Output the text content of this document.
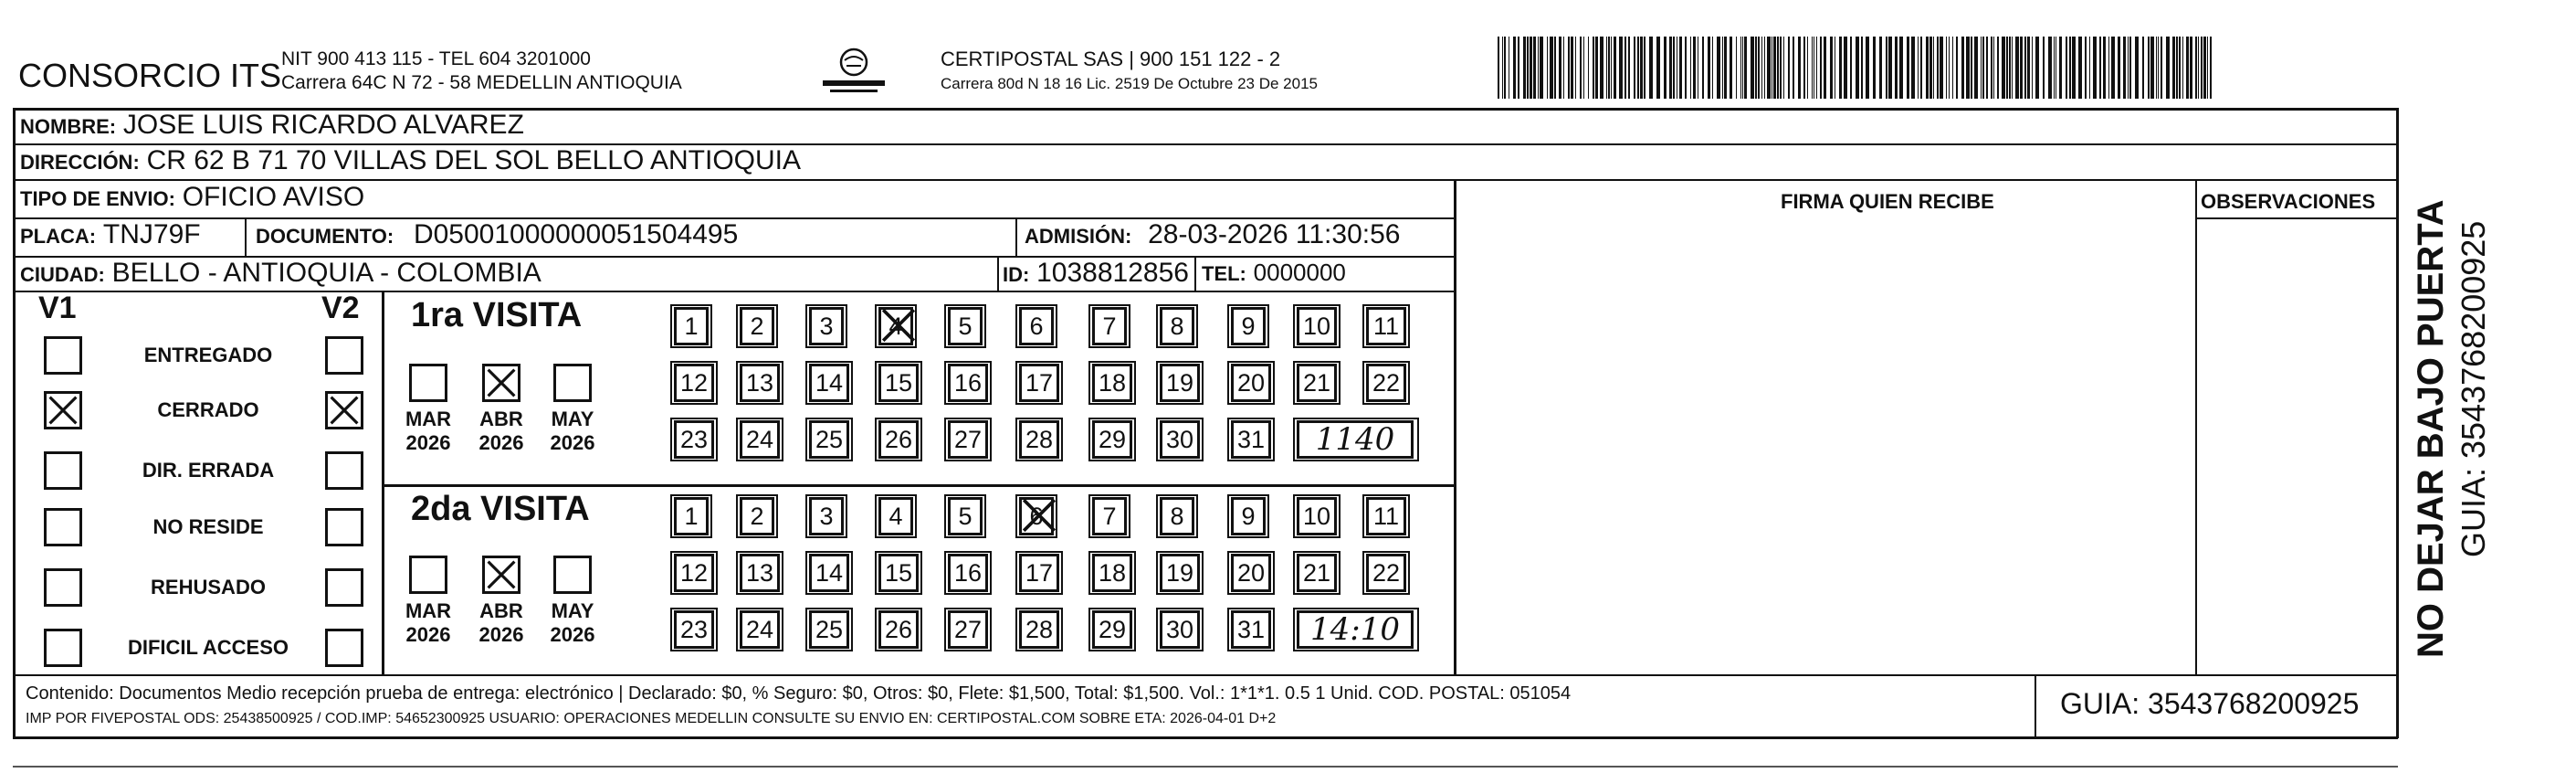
CONSORCIO ITS NIT 900 413 115 - TEL 604 3201000
Carrera 64C N 72 - 58 MEDELLIN ANTIOQUIA
CERTIPOSTAL SAS | 900 151 122 - 2
Carrera 80d N 18 16 Lic. 2519 De Octubre 23 De 2015
NOMBRE: JOSE LUIS RICARDO ALVAREZ
DIRECCIÓN: CR 62 B 71 70 VILLAS DEL SOL BELLO ANTIOQUIA
TIPO DE ENVIO: OFICIO AVISO	FIRMA QUIEN RECIBE	OBSERVACIONES
PLACA: TNJ79F	DOCUMENTO: D05001000000051504495	ADMISIÓN: 28-03-2026 11:30:56
CIUDAD: BELLO - ANTIOQUIA - COLOMBIA	ID: 1038812856 TEL: 0000000
V1	V2
ENTREGADO
CERRADO
DIR. ERRADA
NO RESIDE
REHUSADO
DIFICIL ACCESO
1ra VISITA
2da VISITA
MAR
2026
ABR
2026
MAY
2026
1 2 3 4 5 6 7 8 9 10 11
12 13 14 15 16 17 18 19 20 21 22
23 24 25 26 27 28 29 30 31 1140
MAR
2026
ABR
2026
MAY
2026
1 2 3 4 5 6 7 8 9 10 11
12 13 14 15 16 17 18 19 20 21 22
23 24 25 26 27 28 29 30 31 14:10
Contenido: Documentos Medio recepción prueba de entrega: electrónico | Declarado: $0, % Seguro: $0, Otros: $0, Flete: $1,500, Total: $1,500. Vol.: 1*1*1. 0.5 1 Unid. COD. POSTAL: 051054
IMP POR FIVEPOSTAL ODS: 25438500925 / COD.IMP: 54652300925 USUARIO: OPERACIONES MEDELLIN CONSULTE SU ENVIO EN: CERTIPOSTAL.COM SOBRE ETA: 2026-04-01 D+2	GUIA: 3543768200925
NO DEJAR BAJO PUERTA GUIA: 3543768200925
